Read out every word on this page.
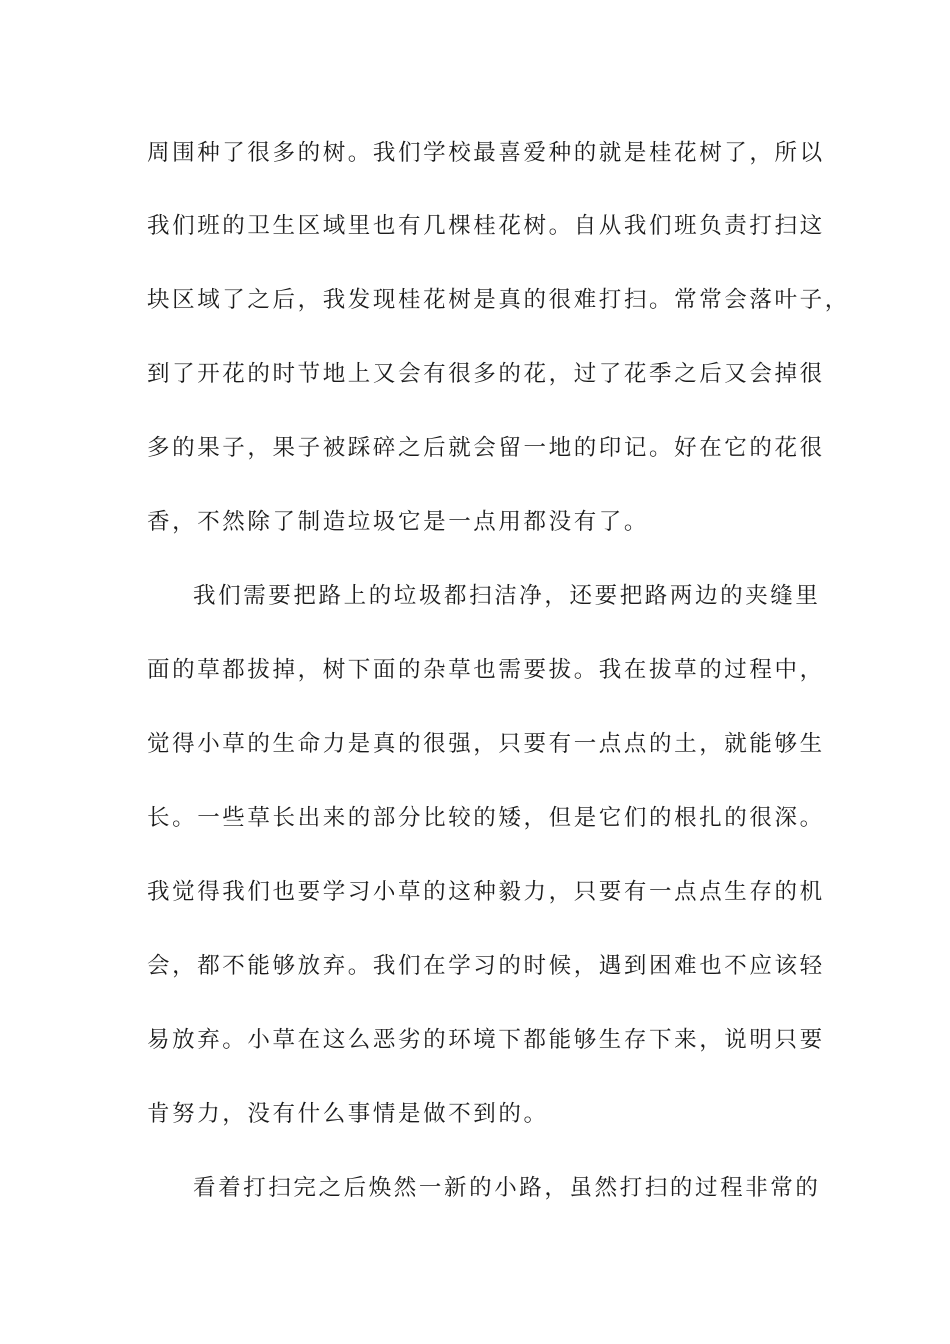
周围种了很多的树。我们学校最喜爱种的就是桂花树了，所以
我们班的卫生区域里也有几棵桂花树。自从我们班负责打扫这
块区域了之后，我发现桂花树是真的很难打扫。常常会落叶子，
到了开花的时节地上又会有很多的花，过了花季之后又会掉很
多的果子，果子被踩碎之后就会留一地的印记。好在它的花很
香，不然除了制造垃圾它是一点用都没有了。
我们需要把路上的垃圾都扫洁净，还要把路两边的夹缝里
面的草都拔掉，树下面的杂草也需要拔。我在拔草的过程中，
觉得小草的生命力是真的很强，只要有一点点的土，就能够生
长。一些草长出来的部分比较的矮，但是它们的根扎的很深。
我觉得我们也要学习小草的这种毅力，只要有一点点生存的机
会，都不能够放弃。我们在学习的时候，遇到困难也不应该轻
易放弃。小草在这么恶劣的环境下都能够生存下来，说明只要
肯努力，没有什么事情是做不到的。
看着打扫完之后焕然一新的小路，虽然打扫的过程非常的
